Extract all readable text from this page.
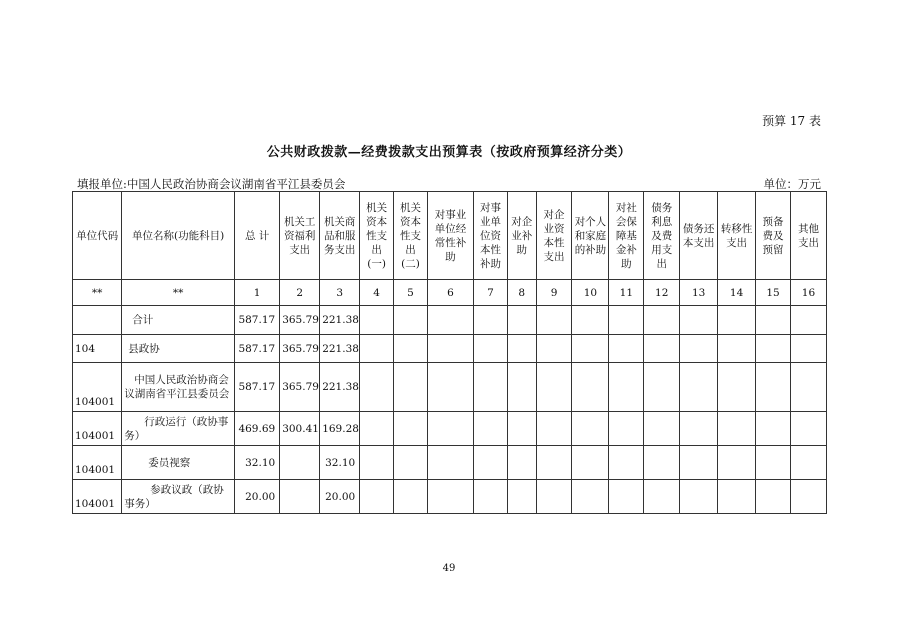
预算 17 表
公共财政拨款—经费拨款支出预算表（按政府预算经济分类）
填报单位:中国人民政治协商会议湖南省平江县委员会	单位：万元
单位代码	单位名称(功能科目)	总 计	机关工资福利支出	机关商品和服务支出	机关资本性支出(一)	机关资本性支出(二)	对事业单位经常性补助	对事业单位资本性补助	对企业补助	对企业资本性支出	对个人和家庭的补助	对社会保障基金补助	债务利息及费用支出	债务还本支出	转移性支出	预备费及预留	其他支出
**	**	1	2	3	4	5	6	7	8	9	10	11	12	13	14	15	16
	合计	587.17	365.79	221.38													
104	县政协	587.17	365.79	221.38													
104001	中国人民政治协商会议湖南省平江县委员会	587.17	365.79	221.38													
104001	行政运行（政协事务）	469.69	300.41	169.28													
104001	委员视察	32.10		32.10													
104001	参政议政（政协事务）	20.00		20.00													
49
